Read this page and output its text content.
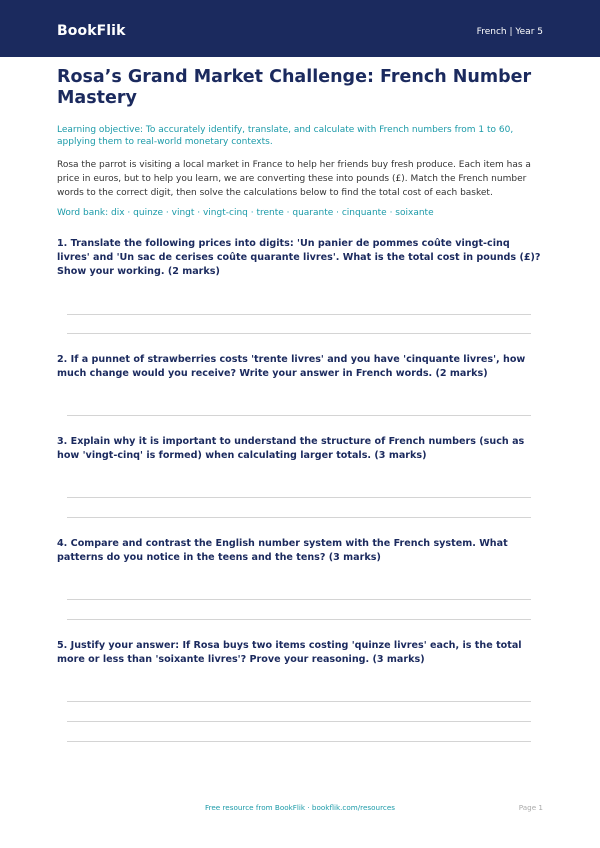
BookFlik	French | Year 5
Rosa’s Grand Market Challenge: French Number Mastery
Learning objective: To accurately identify, translate, and calculate with French numbers from 1 to 60, applying them to real-world monetary contexts.
Rosa the parrot is visiting a local market in France to help her friends buy fresh produce. Each item has a price in euros, but to help you learn, we are converting these into pounds (£). Match the French number words to the correct digit, then solve the calculations below to find the total cost of each basket.
Word bank: dix · quinze · vingt · vingt-cinq · trente · quarante · cinquante · soixante
1. Translate the following prices into digits: 'Un panier de pommes coûte vingt-cinq livres' and 'Un sac de cerises coûte quarante livres'. What is the total cost in pounds (£)? Show your working. (2 marks)
2. If a punnet of strawberries costs 'trente livres' and you have 'cinquante livres', how much change would you receive? Write your answer in French words. (2 marks)
3. Explain why it is important to understand the structure of French numbers (such as how 'vingt-cinq' is formed) when calculating larger totals. (3 marks)
4. Compare and contrast the English number system with the French system. What patterns do you notice in the teens and the tens? (3 marks)
5. Justify your answer: If Rosa buys two items costing 'quinze livres' each, is the total more or less than 'soixante livres'? Prove your reasoning. (3 marks)
Free resource from BookFlik · bookflik.com/resources	Page 1
